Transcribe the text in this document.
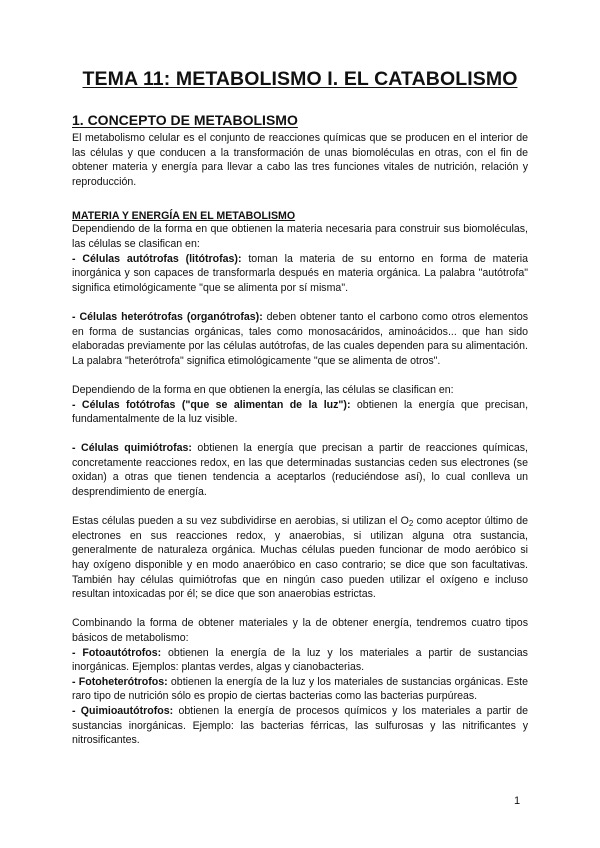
TEMA 11: METABOLISMO I. EL CATABOLISMO
1. CONCEPTO DE METABOLISMO

El metabolismo celular es el conjunto de reacciones químicas que se producen en el interior de las células y que conducen a la transformación de unas biomoléculas en otras, con el fin de obtener materia y energía para llevar a cabo las tres funciones vitales de nutrición, relación y reproducción.

MATERIA Y ENERGÍA EN EL METABOLISMO

Dependiendo de la forma en que obtienen la materia necesaria para construir sus biomoléculas, las células se clasifican en:

- Células autótrofas (litótrofas): toman la materia de su entorno en forma de materia inorgánica y son capaces de transformarla después en materia orgánica. La palabra "autótrofa" significa etimológicamente "que se alimenta por sí misma".

- Células heterótrofas (organótrofas): deben obtener tanto el carbono como otros elementos en forma de sustancias orgánicas, tales como monosacáridos, aminoácidos... que han sido elaboradas previamente por las células autótrofas, de las cuales dependen para su alimentación. La palabra "heterótrofa" significa etimológicamente "que se alimenta de otros".

Dependiendo de la forma en que obtienen la energía, las células se clasifican en:

- Células fotótrofas ("que se alimentan de la luz"): obtienen la energía que precisan, fundamentalmente de la luz visible.

- Células quimiótrofas: obtienen la energía que precisan a partir de reacciones químicas, concretamente reacciones redox, en las que determinadas sustancias ceden sus electrones (se oxidan) a otras que tienen tendencia a aceptarlos (reduciéndose así), lo cual conlleva un desprendimiento de energía.

Estas células pueden a su vez subdividirse en aerobias, si utilizan el $O_2$ como aceptor último de electrones en sus reacciones redox, y anaerobias, si utilizan alguna otra sustancia, generalmente de naturaleza orgánica. Muchas células pueden funcionar de modo aeróbico si hay oxígeno disponible y en modo anaeróbico en caso contrario; se dice que son facultativas. También hay células quimiótrofas que en ningún caso pueden utilizar el oxígeno e incluso resultan intoxicadas por él; se dice que son anaerobias estrictas.

Combinando la forma de obtener materiales y la de obtener energía, tendremos cuatro tipos básicos de metabolismo:

- Fotoautótrofos: obtienen la energía de la luz y los materiales a partir de sustancias inorgánicas. Ejemplos: plantas verdes, algas y cianobacterias.

- Fotoheterótrofos: obtienen la energía de la luz y los materiales de sustancias orgánicas. Este raro tipo de nutrición sólo es propio de ciertas bacterias como las bacterias purpúreas.

- Quimioautótrofos: obtienen la energía de procesos químicos y los materiales a partir de sustancias inorgánicas. Ejemplo: las bacterias férricas, las sulfurosas y las nitrificantes y nitrosificantes.

1
